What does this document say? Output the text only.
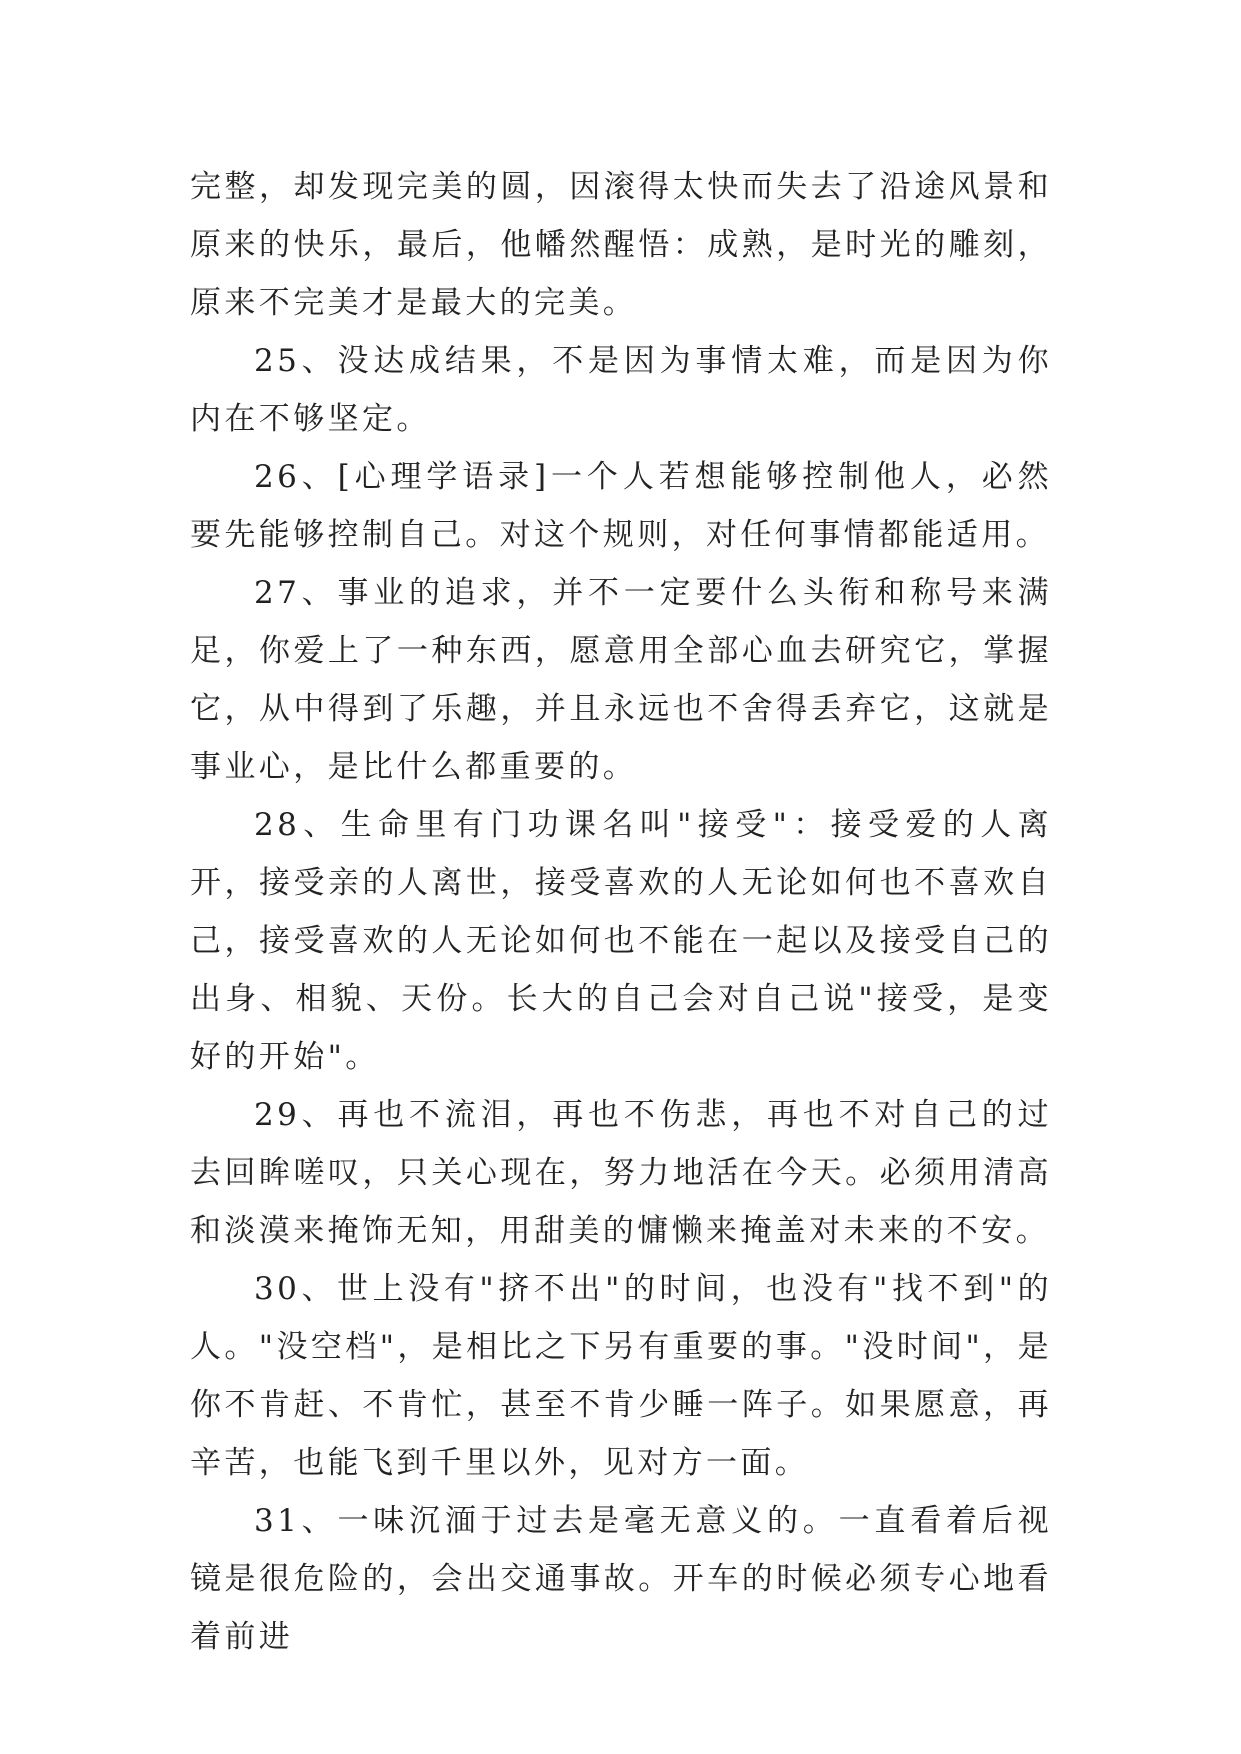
完整，却发现完美的圆，因滚得太快而失去了沿途风景和原来的快乐，最后，他幡然醒悟：成熟，是时光的雕刻，原来不完美才是最大的完美。

25、没达成结果，不是因为事情太难，而是因为你内在不够坚定。

26、[心理学语录]一个人若想能够控制他人，必然要先能够控制自己。对这个规则，对任何事情都能适用。

27、事业的追求，并不一定要什么头衔和称号来满足，你爱上了一种东西，愿意用全部心血去研究它，掌握它，从中得到了乐趣，并且永远也不舍得丢弃它，这就是事业心，是比什么都重要的。

28、生命里有门功课名叫"接受"：接受爱的人离开，接受亲的人离世，接受喜欢的人无论如何也不喜欢自己，接受喜欢的人无论如何也不能在一起以及接受自己的出身、相貌、天份。长大的自己会对自己说"接受，是变好的开始"。

29、再也不流泪，再也不伤悲，再也不对自己的过去回眸嗟叹，只关心现在，努力地活在今天。必须用清高和淡漠来掩饰无知，用甜美的慵懒来掩盖对未来的不安。

30、世上没有"挤不出"的时间，也没有"找不到"的人。"没空档"，是相比之下另有重要的事。"没时间"，是你不肯赶、不肯忙，甚至不肯少睡一阵子。如果愿意，再辛苦，也能飞到千里以外，见对方一面。

31、一味沉湎于过去是毫无意义的。一直看着后视镜是很危险的，会出交通事故。开车的时候必须专心地看着前进
